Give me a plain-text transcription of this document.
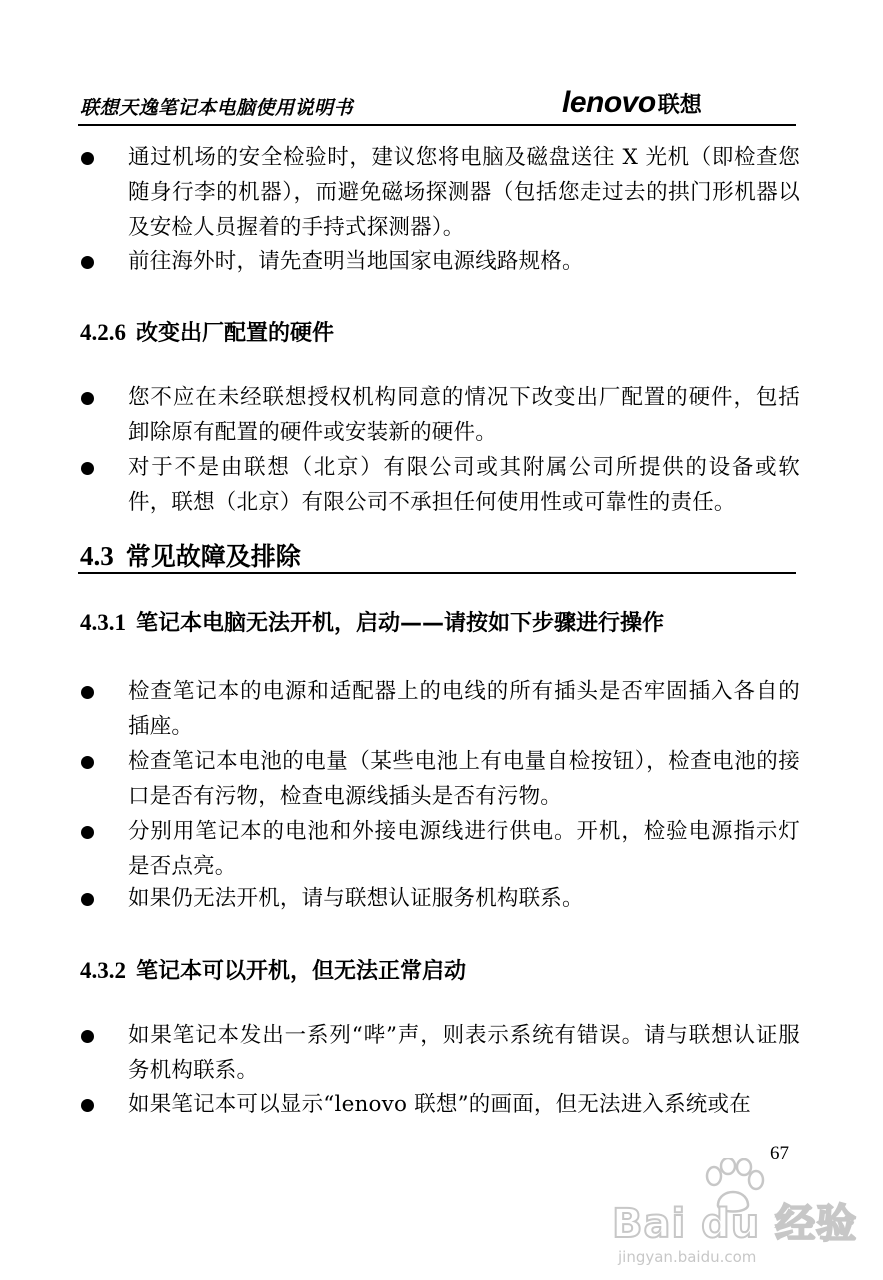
联想天逸笔记本电脑使用说明书	lenovo联想
通过机场的安全检验时，建议您将电脑及磁盘送往 X 光机（即检查您随身行李的机器），而避免磁场探测器（包括您走过去的拱门形机器以及安检人员握着的手持式探测器）。
前往海外时，请先查明当地国家电源线路规格。
4.2.6 改变出厂配置的硬件
您不应在未经联想授权机构同意的情况下改变出厂配置的硬件，包括卸除原有配置的硬件或安装新的硬件。
对于不是由联想（北京）有限公司或其附属公司所提供的设备或软件，联想（北京）有限公司不承担任何使用性或可靠性的责任。
4.3 常见故障及排除
4.3.1 笔记本电脑无法开机，启动——请按如下步骤进行操作
检查笔记本的电源和适配器上的电线的所有插头是否牢固插入各自的插座。
检查笔记本电池的电量（某些电池上有电量自检按钮），检查电池的接口是否有污物，检查电源线插头是否有污物。
分别用笔记本的电池和外接电源线进行供电。开机，检验电源指示灯是否点亮。
如果仍无法开机，请与联想认证服务机构联系。
4.3.2 笔记本可以开机，但无法正常启动
如果笔记本发出一系列“哔”声，则表示系统有错误。请与联想认证服务机构联系。
如果笔记本可以显示“lenovo 联想”的画面，但无法进入系统或在
67
Bai du 经验
jingyan.baidu.com
